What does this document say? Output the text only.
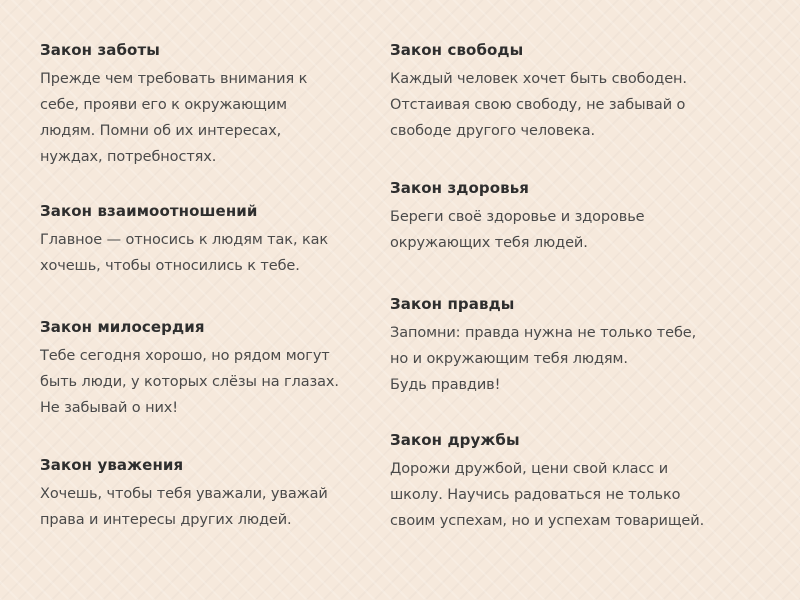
Закон заботы

Прежде чем требовать внимания к
себе, прояви его к окружающим
людям. Помни об их интересах,
нуждах, потребностях.

Закон взаимоотношений

Главное — относись к людям так, как
хочешь, чтобы относились к тебе.

Закон милосердия

Тебе сегодня хорошо, но рядом могут
быть люди, у которых слёзы на глазах.
Не забывай о них!

Закон уважения

Хочешь, чтобы тебя уважали, уважай
права и интересы других людей.

Закон свободы

Каждый человек хочет быть свободен.
Отстаивая свою свободу, не забывай о
свободе другого человека.

Закон здоровья

Береги своё здоровье и здоровье
окружающих тебя людей.

Закон правды

Запомни: правда нужна не только тебе,
но и окружающим тебя людям.
Будь правдив!

Закон дружбы

Дорожи дружбой, цени свой класс и
школу. Научись радоваться не только
своим успехам, но и успехам товарищей.
